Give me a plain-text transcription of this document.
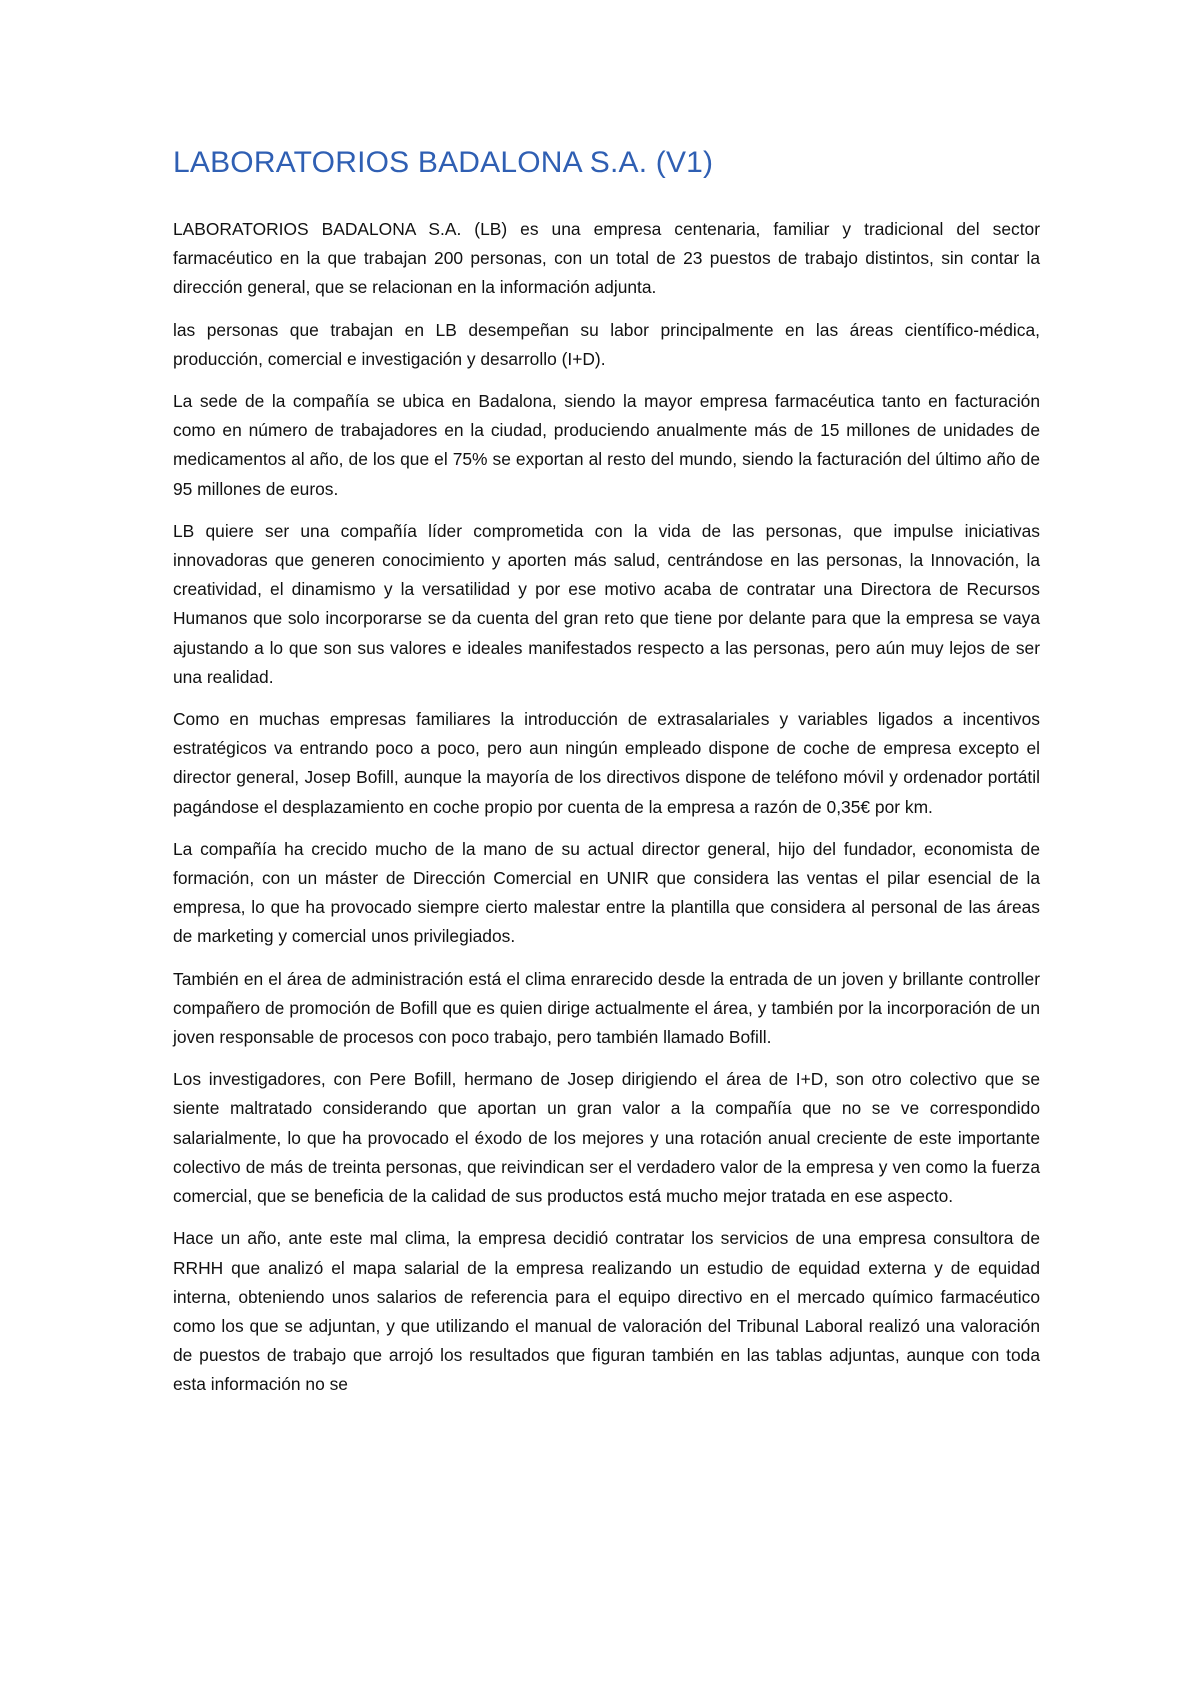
LABORATORIOS BADALONA S.A. (V1)

LABORATORIOS BADALONA S.A. (LB) es una empresa centenaria, familiar y tradicional del sector farmacéutico en la que trabajan 200 personas, con un total de 23 puestos de trabajo distintos, sin contar la dirección general, que se relacionan en la información adjunta.

las personas que trabajan en LB desempeñan su labor principalmente en las áreas científico-médica, producción, comercial e investigación y desarrollo (I+D).

La sede de la compañía se ubica en Badalona, siendo la mayor empresa farmacéutica tanto en facturación como en número de trabajadores en la ciudad, produciendo anualmente más de 15 millones de unidades de medicamentos al año, de los que el 75% se exportan al resto del mundo, siendo la facturación del último año de 95 millones de euros.

LB quiere ser una compañía líder comprometida con la vida de las personas, que impulse iniciativas innovadoras que generen conocimiento y aporten más salud, centrándose en las personas, la Innovación, la creatividad, el dinamismo y la versatilidad y por ese motivo acaba de contratar una Directora de Recursos Humanos que solo incorporarse se da cuenta del gran reto que tiene por delante para que la empresa se vaya ajustando a lo que son sus valores e ideales manifestados respecto a las personas, pero aún muy lejos de ser una realidad.

Como en muchas empresas familiares la introducción de extrasalariales y variables ligados a incentivos estratégicos va entrando poco a poco, pero aun ningún empleado dispone de coche de empresa excepto el director general, Josep Bofill, aunque la mayoría de los directivos dispone de teléfono móvil y ordenador portátil pagándose el desplazamiento en coche propio por cuenta de la empresa a razón de 0,35€ por km.

La compañía ha crecido mucho de la mano de su actual director general, hijo del fundador, economista de formación, con un máster de Dirección Comercial en UNIR que considera las ventas el pilar esencial de la empresa, lo que ha provocado siempre cierto malestar entre la plantilla que considera al personal de las áreas de marketing y comercial unos privilegiados.

También en el área de administración está el clima enrarecido desde la entrada de un joven y brillante controller compañero de promoción de Bofill que es quien dirige actualmente el área, y también por la incorporación de un joven responsable de procesos con poco trabajo, pero también llamado Bofill.

Los investigadores, con Pere Bofill, hermano de Josep dirigiendo el área de I+D, son otro colectivo que se siente maltratado considerando que aportan un gran valor a la compañía que no se ve correspondido salarialmente, lo que ha provocado el éxodo de los mejores y una rotación anual creciente de este importante colectivo de más de treinta personas, que reivindican ser el verdadero valor de la empresa y ven como la fuerza comercial, que se beneficia de la calidad de sus productos está mucho mejor tratada en ese aspecto.

Hace un año, ante este mal clima, la empresa decidió contratar los servicios de una empresa consultora de RRHH que analizó el mapa salarial de la empresa realizando un estudio de equidad externa y de equidad interna, obteniendo unos salarios de referencia para el equipo directivo en el mercado químico farmacéutico como los que se adjuntan, y que utilizando el manual de valoración del Tribunal Laboral realizó una valoración de puestos de trabajo que arrojó los resultados que figuran también en las tablas adjuntas, aunque con toda esta información no se
